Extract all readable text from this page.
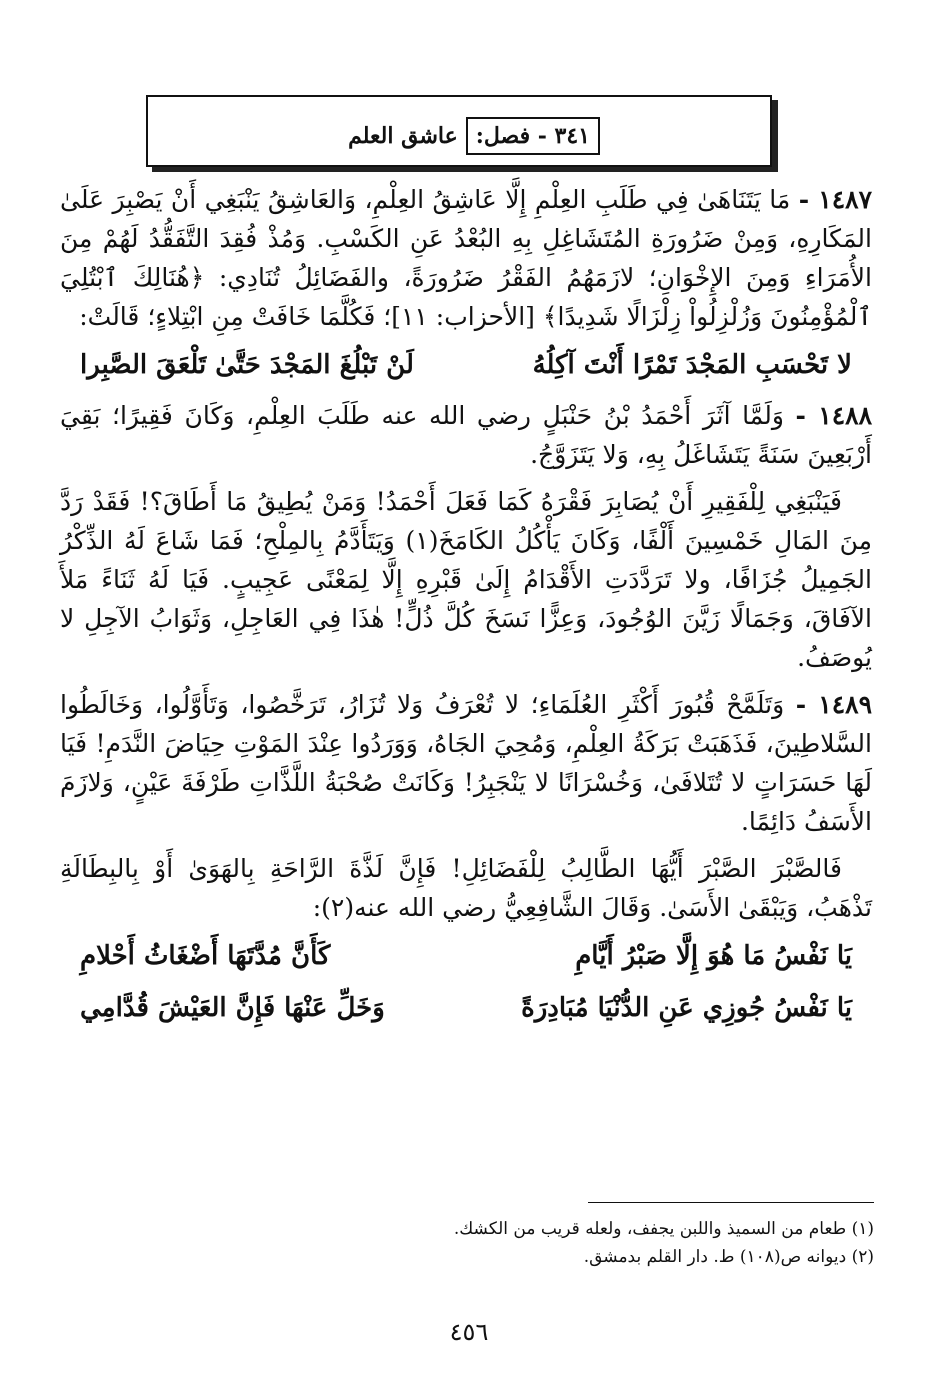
٣٤١ - فصل:
عاشق العلم

١٤٨٧ - مَا يَتَنَاهَىٰ فِي طَلَبِ العِلْمِ إِلَّا عَاشِقُ العِلْمِ، وَالعَاشِقُ يَنْبَغِي أَنْ يَصْبِرَ عَلَىٰ المَكَارِهِ، وَمِنْ ضَرُورَةِ المُتَشَاغِلِ بِهِ البُعْدُ عَنِ الكَسْبِ. وَمُذْ فُقِدَ التَّفَقُّدُ لَهُمْ مِنَ الأُمَرَاءِ وَمِنَ الإِخْوَانِ؛ لازَمَهُمُ الفَقْرُ ضَرُورَةً، والفَضَائِلُ تُنَادِي: ﴿هُنَالِكَ ٱبْتُلِيَ ٱلْمُؤْمِنُونَ وَزُلْزِلُواْ زِلْزَالًا شَدِيدًا﴾ [الأحزاب: ١١]؛ فَكُلَّمَا خَافَتْ مِنِ ابْتِلاءٍ؛ قَالَتْ:

لا تَحْسَبِ المَجْدَ تَمْرًا أَنْتَ آكِلُهُ
لَنْ تَبْلُغَ المَجْدَ حَتَّىٰ تَلْعَقَ الصَّبِرا

١٤٨٨ - وَلَمَّا آثَرَ أَحْمَدُ بْنُ حَنْبَلٍ رضي الله عنه طَلَبَ العِلْمِ، وَكَانَ فَقِيرًا؛ بَقِيَ أَرْبَعِينَ سَنَةً يَتَشَاغَلُ بِهِ، وَلا يَتَزَوَّجُ.

فَيَنْبَغِي لِلْفَقِيرِ أَنْ يُصَابِرَ فَقْرَهُ كَمَا فَعَلَ أَحْمَدُ! وَمَنْ يُطِيقُ مَا أَطَاقَ؟! فَقَدْ رَدَّ مِنَ المَالِ خَمْسِينَ أَلْفًا، وَكَانَ يَأْكُلُ الكَامَخَ(١) وَيَتَأَدَّمُ بِالمِلْحِ؛ فَمَا شَاعَ لَهُ الذِّكْرُ الجَمِيلُ جُزَافًا، ولا تَرَدَّدَتِ الأَقْدَامُ إِلَىٰ قَبْرِهِ إِلَّا لِمَعْنًى عَجِيبٍ. فَيَا لَهُ ثَنَاءً مَلأَ الآفَاقَ، وَجَمَالًا زَيَّنَ الوُجُودَ، وَعِزًّا نَسَخَ كُلَّ ذُلٍّ! هٰذَا فِي العَاجِلِ، وَثَوَابُ الآجِلِ لا يُوصَفُ.

١٤٨٩ - وَتَلَمَّحْ قُبُورَ أَكْثَرِ العُلَمَاءِ؛ لا تُعْرَفُ وَلا تُزَارُ، تَرَخَّصُوا، وَتَأَوَّلُوا، وَخَالَطُوا السَّلاطِينَ، فَذَهَبَتْ بَرَكَةُ العِلْمِ، وَمُحِيَ الجَاهُ، وَوَرَدُوا عِنْدَ المَوْتِ حِيَاضَ النَّدَمِ! فَيَا لَهَا حَسَرَاتٍ لا تُتَلافَىٰ، وَخُسْرَانًا لا يَنْجَبِرُ! وَكَانَتْ صُحْبَةُ اللَّذَّاتِ طَرْفَةَ عَيْنٍ، وَلازَمَ الأَسَفُ دَائِمًا.

فَالصَّبْرَ الصَّبْرَ أَيُّهَا الطَّالِبُ لِلْفَضَائِلِ! فَإِنَّ لَذَّةَ الرَّاحَةِ بِالهَوَىٰ أَوْ بِالبِطَالَةِ تَذْهَبُ، وَيَبْقَىٰ الأَسَىٰ. وَقَالَ الشَّافِعِيُّ رضي الله عنه(٢):

يَا نَفْسُ مَا هُوَ إِلَّا صَبْرُ أَيَّامِ
كَأَنَّ مُدَّتَهَا أَضْغَاثُ أَحْلامِ
يَا نَفْسُ جُوزِي عَنِ الدُّنْيَا مُبَادِرَةً
وَخَلِّ عَنْهَا فَإِنَّ العَيْشَ قُدَّامِي
(١) طعام من السميذ واللبن يجفف، ولعله قريب من الكشك.
(٢) ديوانه ص(١٠٨) ط. دار القلم بدمشق.
٤٥٦
